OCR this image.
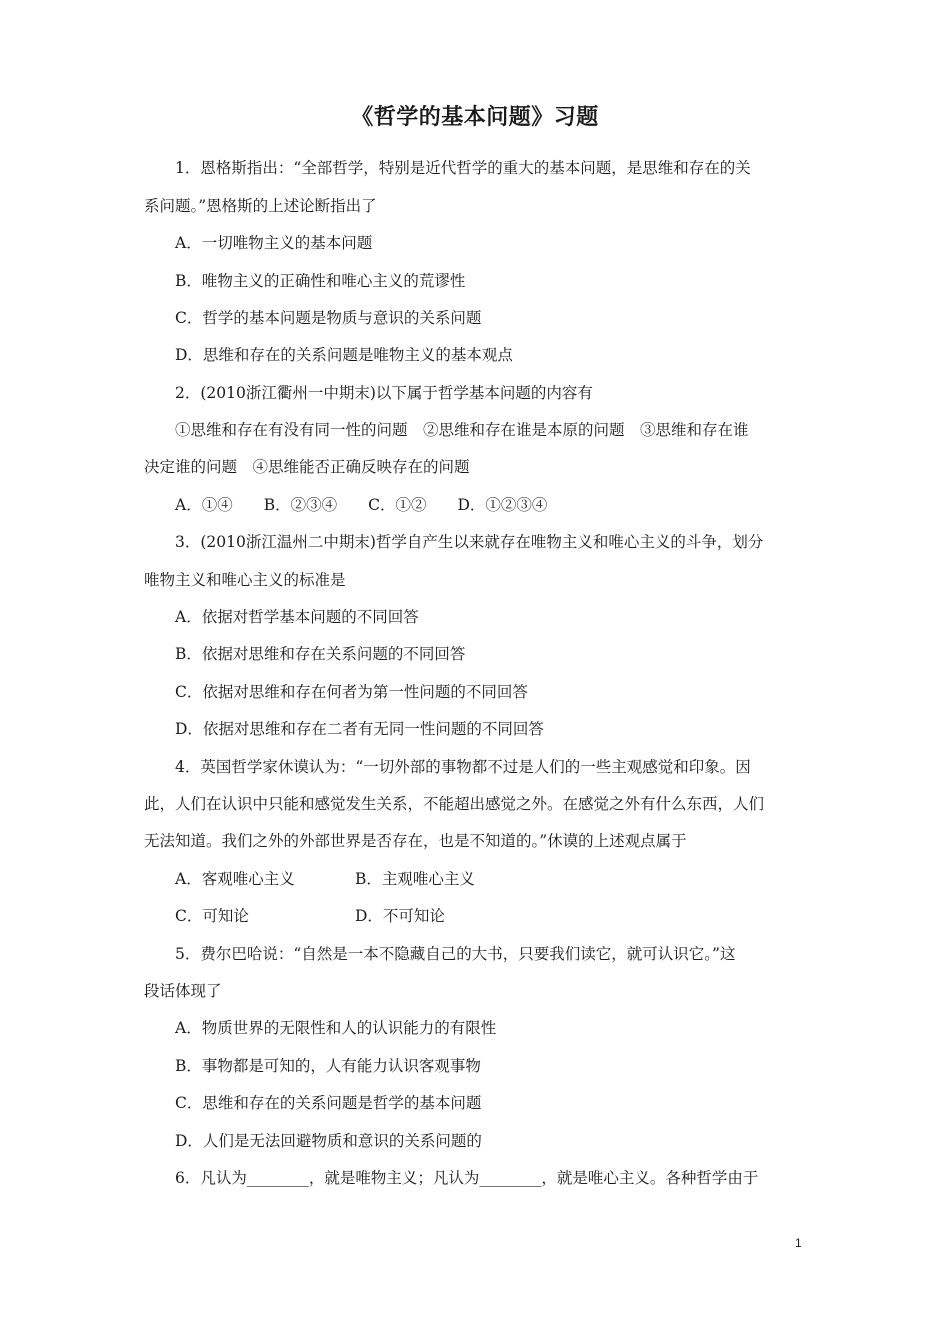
《哲学的基本问题》习题
1．恩格斯指出：“全部哲学，特别是近代哲学的重大的基本问题，是思维和存在的关
系问题。”恩格斯的上述论断指出了
A．一切唯物主义的基本问题
B．唯物主义的正确性和唯心主义的荒谬性
C．哲学的基本问题是物质与意识的关系问题
D．思维和存在的关系问题是唯物主义的基本观点
2．(2010浙江衢州一中期末)以下属于哲学基本问题的内容有
①思维和存在有没有同一性的问题　②思维和存在谁是本原的问题　③思维和存在谁
决定谁的问题　④思维能否正确反映存在的问题
A．①④　　B．②③④　　C．①②　　D．①②③④
3．(2010浙江温州二中期末)哲学自产生以来就存在唯物主义和唯心主义的斗争，划分
唯物主义和唯心主义的标准是
A．依据对哲学基本问题的不同回答
B．依据对思维和存在关系问题的不同回答
C．依据对思维和存在何者为第一性问题的不同回答
D．依据对思维和存在二者有无同一性问题的不同回答
4．英国哲学家休谟认为：“一切外部的事物都不过是人们的一些主观感觉和印象。因
此，人们在认识中只能和感觉发生关系，不能超出感觉之外。在感觉之外有什么东西，人们
无法知道。我们之外的外部世界是否存在，也是不知道的。”休谟的上述观点属于
A．客观唯心主义	B．主观唯心主义
C．可知论	D．不可知论
5．费尔巴哈说：“自然是一本不隐藏自己的大书，只要我们读它，就可认识它。”这
段话体现了
A．物质世界的无限性和人的认识能力的有限性
B．事物都是可知的，人有能力认识客观事物
C．思维和存在的关系问题是哲学的基本问题
D．人们是无法回避物质和意识的关系问题的
6．凡认为________，就是唯物主义；凡认为________，就是唯心主义。各种哲学由于
1
